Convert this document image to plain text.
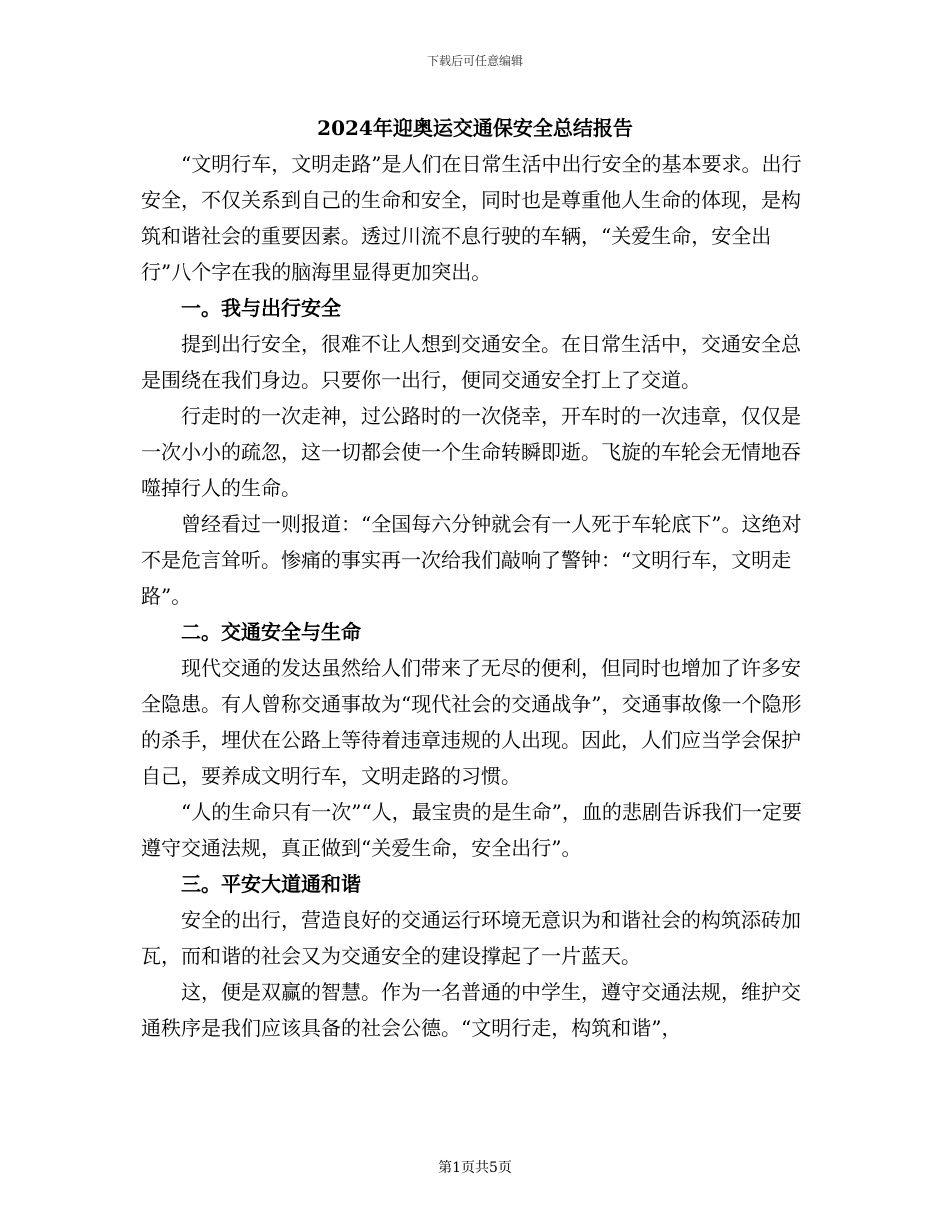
下载后可任意编辑
2024年迎奥运交通保安全总结报告

“文明行车，文明走路”是人们在日常生活中出行安全的基本要求。出行安全，不仅关系到自己的生命和安全，同时也是尊重他人生命的体现，是构筑和谐社会的重要因素。透过川流不息行驶的车辆，“关爱生命，安全出行”八个字在我的脑海里显得更加突出。

一。我与出行安全

提到出行安全，很难不让人想到交通安全。在日常生活中，交通安全总是围绕在我们身边。只要你一出行，便同交通安全打上了交道。

行走时的一次走神，过公路时的一次侥幸，开车时的一次违章，仅仅是一次小小的疏忽，这一切都会使一个生命转瞬即逝。飞旋的车轮会无情地吞噬掉行人的生命。

曾经看过一则报道：“全国每六分钟就会有一人死于车轮底下”。这绝对不是危言耸听。惨痛的事实再一次给我们敲响了警钟：“文明行车，文明走路”。

二。交通安全与生命

现代交通的发达虽然给人们带来了无尽的便利，但同时也增加了许多安全隐患。有人曾称交通事故为“现代社会的交通战争”，交通事故像一个隐形的杀手，埋伏在公路上等待着违章违规的人出现。因此，人们应当学会保护自己，要养成文明行车，文明走路的习惯。

“人的生命只有一次”“人，最宝贵的是生命”，血的悲剧告诉我们一定要遵守交通法规，真正做到“关爱生命，安全出行”。

三。平安大道通和谐

安全的出行，营造良好的交通运行环境无意识为和谐社会的构筑添砖加瓦，而和谐的社会又为交通安全的建设撑起了一片蓝天。

这，便是双赢的智慧。作为一名普通的中学生，遵守交通法规，维护交通秩序是我们应该具备的社会公德。“文明行走，构筑和谐”，

第1页共5页
